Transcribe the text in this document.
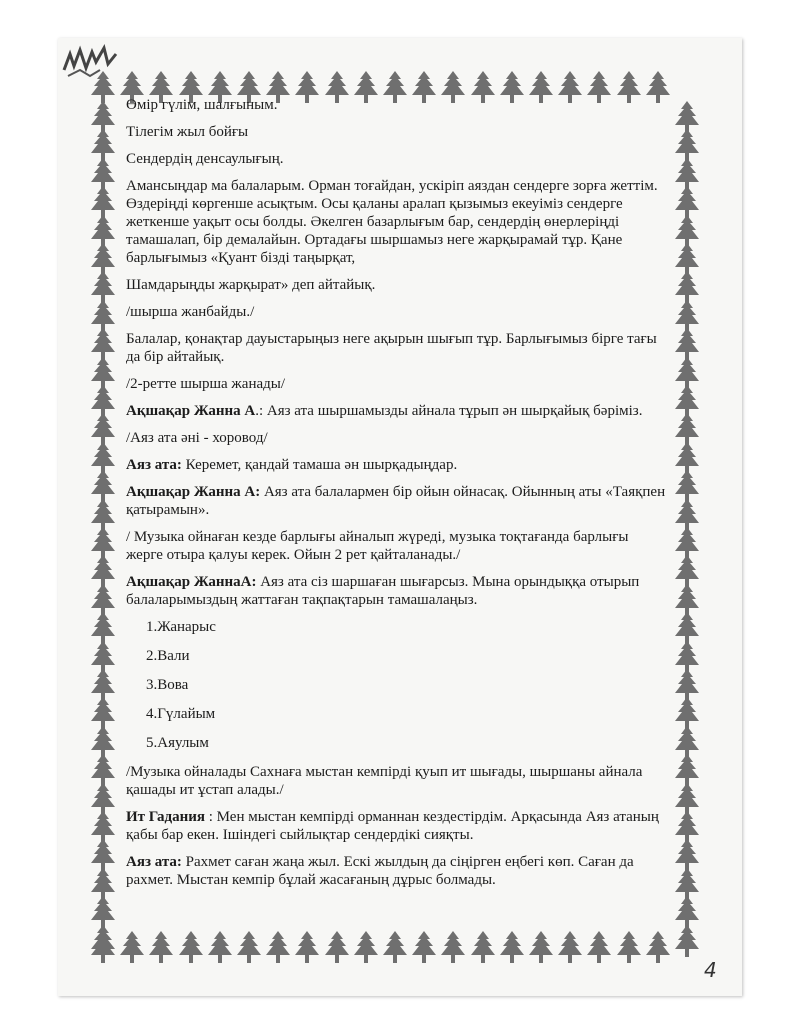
Өмір гүлім, шалғыным.

Тілегім жыл бойғы

Сендердің денсаулығың.

Амансыңдар ма балаларым. Орман тоғайдан, ускіріп аяздан сендерге зорға жеттім. Өздеріңді көргенше асықтым. Осы қаланы аралап қызымыз екеуіміз сендерге жеткенше уақыт осы болды. Әкелген базарлығым бар, сендердің өнерлеріңді тамашалап, бір демалайын. Ортадағы шыршамыз неге жарқырамай тұр. Қане барлығымыз «Қуант бізді таңырқат,

Шамдарыңды жарқырат» деп айтайық.

/шырша жанбайды./

Балалар, қонақтар дауыстарыңыз неге ақырын шығып тұр. Барлығымыз бірге тағы да бір айтайық.

/2-ретте шырша жанады/

Ақшақар Жанна А.: Аяз ата шыршамызды айнала тұрып ән шырқайық бәріміз.

/Аяз ата әні - хоровод/

Аяз ата: Керемет, қандай тамаша ән шырқадыңдар.

Ақшақар Жанна А: Аяз ата балалармен бір ойын ойнасақ. Ойынның аты «Таяқпен қатырамын».

/ Музыка ойнаған кезде барлығы айналып жүреді, музыка тоқтағанда барлығы жерге отыра қалуы керек. Ойын 2 рет қайталанады./

Ақшақар ЖаннаА: Аяз ата сіз шаршаған шығарсыз. Мына орындыққа отырып балаларымыздың жаттаған тақпақтарын тамашалаңыз.

1.Жанарыс

2.Вали

3.Вова

4.Гүлайым

5.Аяулым

/Музыка ойналады Сахнаға мыстан кемпірді қуып ит шығады, шыршаны айнала қашады ит ұстап алады./

Ит Гадания : Мен мыстан кемпірді орманнан кездестірдім. Арқасында Аяз атаның қабы бар екен. Ішіндегі сыйлықтар сендердікі сияқты.

Аяз ата: Рахмет саған жаңа жыл. Ескі жылдың да сіңірген еңбегі көп. Саған да рахмет. Мыстан кемпір бұлай жасағаның дұрыс болмады.

4
